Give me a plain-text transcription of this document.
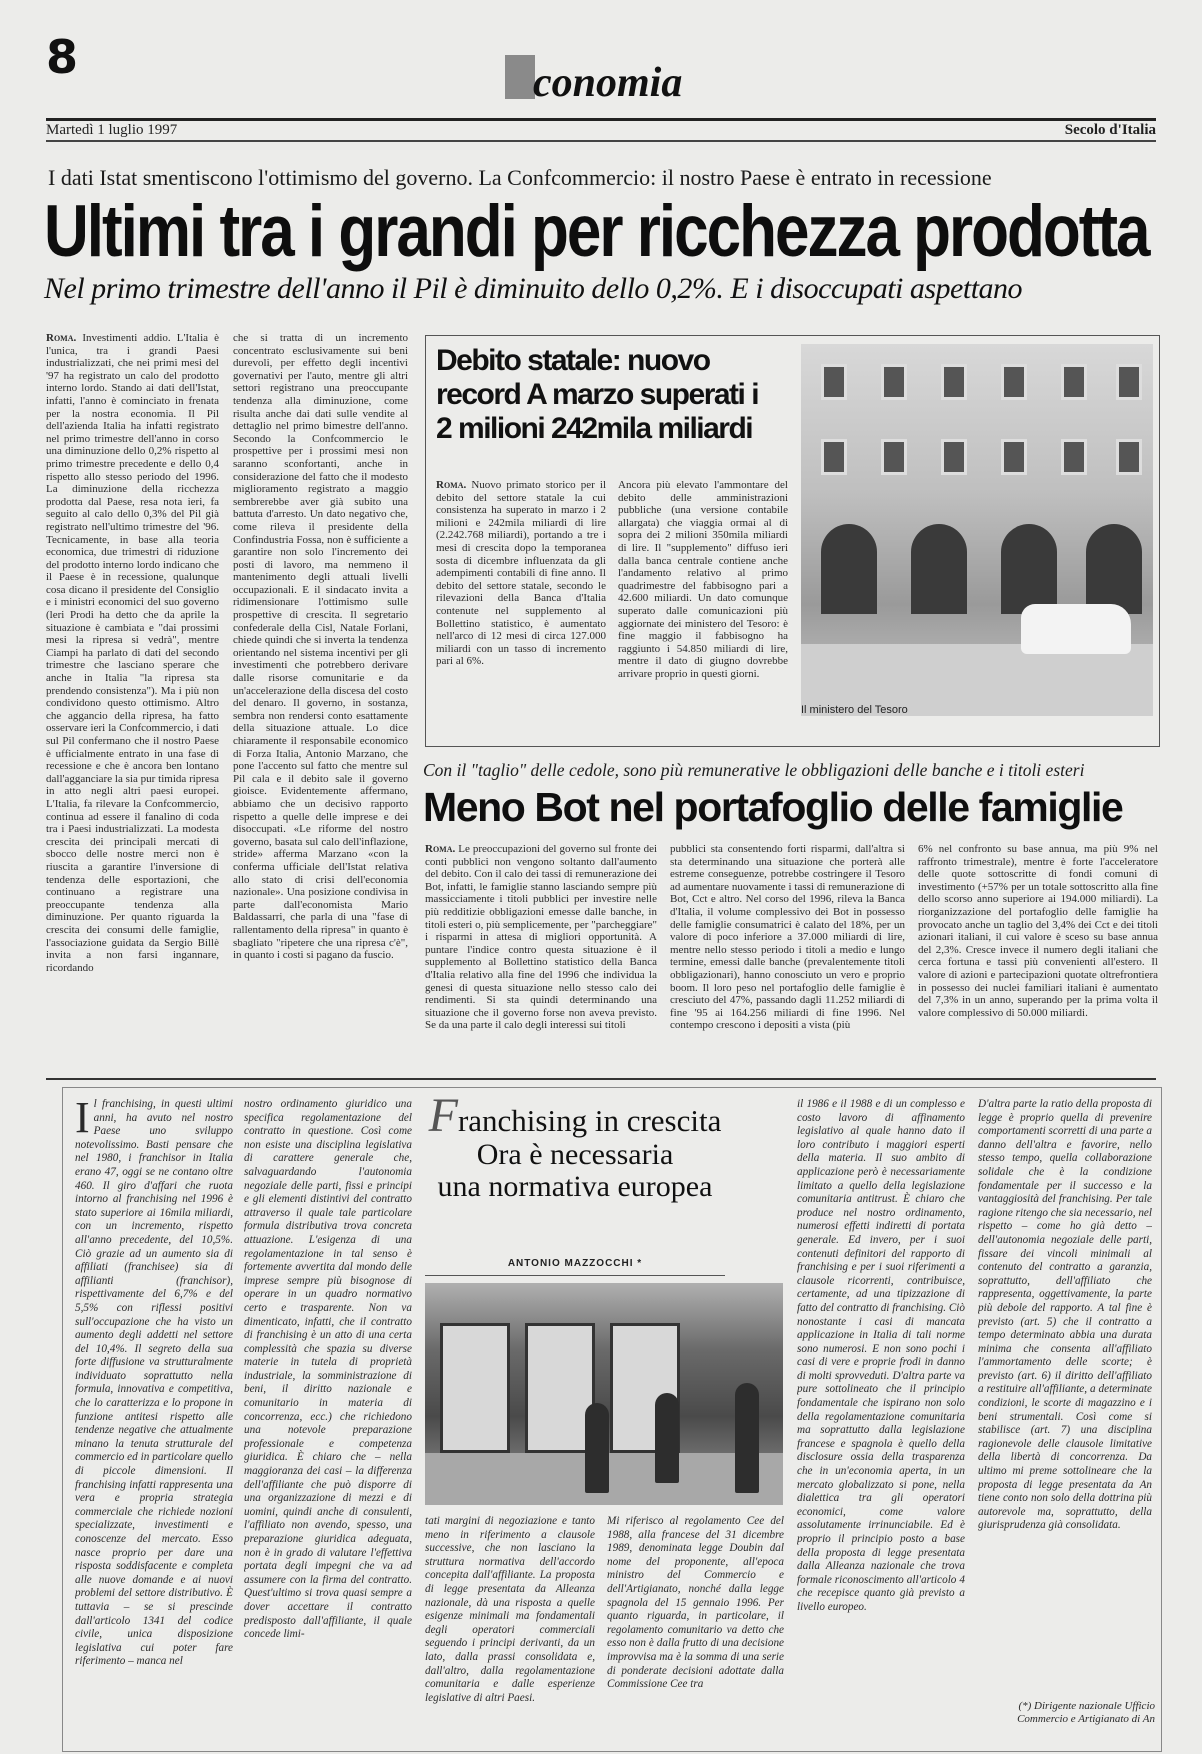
8	conomia
Martedì 1 luglio 1997	Secolo d'Italia
I dati Istat smentiscono l'ottimismo del governo. La Confcommercio: il nostro Paese è entrato in recessione
Ultimi tra i grandi per ricchezza prodotta
Nel primo trimestre dell'anno il Pil è diminuito dello 0,2%. E i disoccupati aspettano

Roma. Investimenti addio. L'Italia è l'unica, tra i grandi Paesi industrializzati, che nei primi mesi del '97 ha registrato un calo del prodotto interno lordo. Stando ai dati dell'Istat, infatti, l'anno è cominciato in frenata per la nostra economia. Il Pil dell'azienda Italia ha infatti registrato nel primo trimestre dell'anno in corso una diminuzione dello 0,2% rispetto al primo trimestre precedente e dello 0,4 rispetto allo stesso periodo del 1996. La diminuzione della ricchezza prodotta dal Paese, resa nota ieri, fa seguito al calo dello 0,3% del Pil già registrato nell'ultimo trimestre del '96. Tecnicamente, in base alla teoria economica, due trimestri di riduzione del prodotto interno lordo indicano che il Paese è in recessione, qualunque cosa dicano il presidente del Consiglio e i ministri economici del suo governo (leri Prodi ha detto che da aprile la situazione è cambiata e "dai prossimi mesi la ripresa si vedrà", mentre Ciampi ha parlato di dati del secondo trimestre che lasciano sperare che anche in Italia "la ripresa sta prendendo consistenza"). Ma i più non condividono questo ottimismo. Altro che aggancio della ripresa, ha fatto osservare ieri la Confcommercio, i dati sul Pil confermano che il nostro Paese è ufficialmente entrato in una fase di recessione e che è ancora ben lontano dall'agganciare la sia pur timida ripresa in atto negli altri paesi europei. L'Italia, fa rilevare la Confcommercio, continua ad essere il fanalino di coda tra i Paesi industrializzati. La modesta crescita dei principali mercati di sbocco delle nostre merci non è riuscita a garantire l'inversione di tendenza delle esportazioni, che continuano a registrare una preoccupante tendenza alla diminuzione. Per quanto riguarda la crescita dei consumi delle famiglie, l'associazione guidata da Sergio Billè invita a non farsi ingannare, ricordando

che si tratta di un incremento concentrato esclusivamente sui beni durevoli, per effetto degli incentivi governativi per l'auto, mentre gli altri settori registrano una preoccupante tendenza alla diminuzione, come risulta anche dai dati sulle vendite al dettaglio nel primo bimestre dell'anno. Secondo la Confcommercio le prospettive per i prossimi mesi non saranno sconfortanti, anche in considerazione del fatto che il modesto miglioramento registrato a maggio sembrerebbe aver già subito una battuta d'arresto. Un dato negativo che, come rileva il presidente della Confindustria Fossa, non è sufficiente a garantire non solo l'incremento dei posti di lavoro, ma nemmeno il mantenimento degli attuali livelli occupazionali. E il sindacato invita a ridimensionare l'ottimismo sulle prospettive di crescita. Il segretario confederale della Cisl, Natale Forlani, chiede quindi che si inverta la tendenza orientando nel sistema incentivi per gli investimenti che potrebbero derivare dalle risorse comunitarie e da un'accelerazione della discesa del costo del denaro. Il governo, in sostanza, sembra non rendersi conto esattamente della situazione attuale. Lo dice chiaramente il responsabile economico di Forza Italia, Antonio Marzano, che pone l'accento sul fatto che mentre sul Pil cala e il debito sale il governo gioisce. Evidentemente affermano, abbiamo che un decisivo rapporto rispetto a quelle delle imprese e dei disoccupati. «Le riforme del nostro governo, basata sul calo dell'inflazione, stride» afferma Marzano «con la conferma ufficiale dell'Istat relativa allo stato di crisi dell'economia nazionale». Una posizione condivisa in parte dall'economista Mario Baldassarri, che parla di una "fase di rallentamento della ripresa" in quanto è sbagliato "ripetere che una ripresa c'è", in quanto i costi si pagano da fuscio.

Debito statale: nuovo record A marzo superati i 2 milioni 242mila miliardi

Roma. Nuovo primato storico per il debito del settore statale la cui consistenza ha superato in marzo i 2 milioni e 242mila miliardi di lire (2.242.768 miliardi), portando a tre i mesi di crescita dopo la temporanea sosta di dicembre influenzata da gli adempimenti contabili di fine anno. Il debito del settore statale, secondo le rilevazioni della Banca d'Italia contenute nel supplemento al Bollettino statistico, è aumentato nell'arco di 12 mesi di circa 127.000 miliardi con un tasso di incremento pari al 6%.

Ancora più elevato l'ammontare del debito delle amministrazioni pubbliche (una versione contabile allargata) che viaggia ormai al di sopra dei 2 milioni 350mila miliardi di lire. Il "supplemento" diffuso ieri dalla banca centrale contiene anche l'andamento relativo al primo quadrimestre del fabbisogno pari a 42.600 miliardi. Un dato comunque superato dalle comunicazioni più aggiornate dei ministero del Tesoro: è fine maggio il fabbisogno ha raggiunto i 54.850 miliardi di lire, mentre il dato di giugno dovrebbe arrivare proprio in questi giorni.

Il ministero del Tesoro
Con il "taglio" delle cedole, sono più remunerative le obbligazioni delle banche e i titoli esteri
Meno Bot nel portafoglio delle famiglie

Roma. Le preoccupazioni del governo sul fronte dei conti pubblici non vengono soltanto dall'aumento del debito. Con il calo dei tassi di remunerazione dei Bot, infatti, le famiglie stanno lasciando sempre più massicciamente i titoli pubblici per investire nelle più redditizie obbligazioni emesse dalle banche, in titoli esteri o, più semplicemente, per "parcheggiare" i risparmi in attesa di migliori opportunità. A puntare l'indice contro questa situazione è il supplemento al Bollettino statistico della Banca d'Italia relativo alla fine del 1996 che individua la genesi di questa situazione nello stesso calo dei rendimenti. Si sta quindi determinando una situazione che il governo forse non aveva previsto. Se da una parte il calo degli interessi sui titoli

pubblici sta consentendo forti risparmi, dall'altra si sta determinando una situazione che porterà alle estreme conseguenze, potrebbe costringere il Tesoro ad aumentare nuovamente i tassi di remunerazione di Bot, Cct e altro. Nel corso del 1996, rileva la Banca d'Italia, il volume complessivo dei Bot in possesso delle famiglie consumatrici è calato del 18%, per un valore di poco inferiore a 37.000 miliardi di lire, mentre nello stesso periodo i titoli a medio e lungo termine, emessi dalle banche (prevalentemente titoli obbligazionari), hanno conosciuto un vero e proprio boom. Il loro peso nel portafoglio delle famiglie è cresciuto del 47%, passando dagli 11.252 miliardi di fine '95 ai 164.256 miliardi di fine 1996. Nel contempo crescono i depositi a vista (più

6% nel confronto su base annua, ma più 9% nel raffronto trimestrale), mentre è forte l'acceleratore delle quote sottoscritte di fondi comuni di investimento (+57% per un totale sottoscritto alla fine dello scorso anno superiore ai 194.000 miliardi). La riorganizzazione del portafoglio delle famiglie ha provocato anche un taglio del 3,4% dei Cct e dei titoli azionari italiani, il cui valore è sceso su base annua del 2,3%. Cresce invece il numero degli italiani che cerca fortuna e tassi più convenienti all'estero. Il valore di azioni e partecipazioni quotate oltrefrontiera in possesso dei nuclei familiari italiani è aumentato del 7,3% in un anno, superando per la prima volta il valore complessivo di 50.000 miliardi.

Il franchising, in questi ultimi anni, ha avuto nel nostro Paese uno sviluppo notevolissimo. Basti pensare che nel 1980, i franchisor in Italia erano 47, oggi se ne contano oltre 460. Il giro d'affari che ruota intorno al franchising nel 1996 è stato superiore ai 16mila miliardi, con un incremento, rispetto all'anno precedente, del 10,5%. Ciò grazie ad un aumento sia di affiliati (franchisee) sia di affilianti (franchisor), rispettivamente del 6,7% e del 5,5% con riflessi positivi sull'occupazione che ha visto un aumento degli addetti nel settore del 10,4%. Il segreto della sua forte diffusione va strutturalmente individuato soprattutto nella formula, innovativa e competitiva, che lo caratterizza e lo propone in funzione antitesi rispetto alle tendenze negative che attualmente minano la tenuta strutturale del commercio ed in particolare quello di piccole dimensioni. Il franchising infatti rappresenta una vera e propria strategia commerciale che richiede nozioni specializzate, investimenti e conoscenze del mercato. Esso nasce proprio per dare una risposta soddisfacente e completa alle nuove domande e ai nuovi problemi del settore distributivo. È tuttavia – se si prescinde dall'articolo 1341 del codice civile, unica disposizione legislativa cui poter fare riferimento – manca nel

nostro ordinamento giuridico una specifica regolamentazione del contratto in questione. Così come non esiste una disciplina legislativa di carattere generale che, salvaguardando l'autonomia negoziale delle parti, fissi e principi e gli elementi distintivi del contratto attraverso il quale tale particolare formula distributiva trova concreta attuazione. L'esigenza di una regolamentazione in tal senso è fortemente avvertita dal mondo delle imprese sempre più bisognose di operare in un quadro normativo certo e trasparente. Non va dimenticato, infatti, che il contratto di franchising è un atto di una certa complessità che spazia su diverse materie in tutela di proprietà industriale, la somministrazione di beni, il diritto nazionale e comunitario in materia di concorrenza, ecc.) che richiedono una notevole preparazione professionale e competenza giuridica. È chiaro che – nella maggioranza dei casi – la differenza dell'affiliante che può disporre di una organizzazione di mezzi e di uomini, quindi anche di consulenti, l'affiliato non avendo, spesso, una preparazione giuridica adeguata, non è in grado di valutare l'effettiva portata degli impegni che va ad assumere con la firma del contratto. Quest'ultimo si trova quasi sempre a dover accettare il contratto predisposto dall'affiliante, il quale concede limi-

Franchising in crescita
Ora è necessaria
una normativa europea
ANTONIO MAZZOCCHI *

tati margini di negoziazione e tanto meno in riferimento a clausole successive, che non lasciano la struttura normativa dell'accordo concepita dall'affiliante. La proposta di legge presentata da Alleanza nazionale, dà una risposta a quelle esigenze minimali ma fondamentali degli operatori commerciali seguendo i principi derivanti, da un lato, dalla prassi consolidata e, dall'altro, dalla regolamentazione comunitaria e dalle esperienze legislative di altri Paesi.

Mi riferisco al regolamento Cee del 1988, alla francese del 31 dicembre 1989, denominata legge Doubin dal nome del proponente, all'epoca ministro del Commercio e dell'Artigianato, nonché dalla legge spagnola del 15 gennaio 1996. Per quanto riguarda, in particolare, il regolamento comunitario va detto che esso non è dalla frutto di una decisione improvvisa ma è la somma di una serie di ponderate decisioni adottate dalla Commissione Cee tra

il 1986 e il 1988 e di un complesso e costo lavoro di affinamento legislativo al quale hanno dato il loro contributo i maggiori esperti della materia. Il suo ambito di applicazione però è necessariamente limitato a quello della legislazione comunitaria antitrust. È chiaro che produce nel nostro ordinamento, numerosi effetti indiretti di portata generale. Ed invero, per i suoi contenuti definitori del rapporto di franchising e per i suoi riferimenti a clausole ricorrenti, contribuisce, certamente, ad una tipizzazione di fatto del contratto di franchising. Ciò nonostante i casi di mancata applicazione in Italia di tali norme sono numerosi. E non sono pochi i casi di vere e proprie frodi in danno di molti sprovveduti. D'altra parte va pure sottolineato che il principio fondamentale che ispirano non solo della regolamentazione comunitaria ma soprattutto dalla legislazione francese e spagnola è quello della disclosure ossia della trasparenza che in un'economia aperta, in un mercato globalizzato si pone, nella dialettica tra gli operatori economici, come valore assolutamente irrinunciabile. Ed è proprio il principio posto a base della proposta di legge presentata dalla Alleanza nazionale che trova formale riconoscimento all'articolo 4 che recepisce quanto già previsto a livello europeo.

D'altra parte la ratio della proposta di legge è proprio quella di prevenire comportamenti scorretti di una parte a danno dell'altra e favorire, nello stesso tempo, quella collaborazione solidale che è la condizione fondamentale per il successo e la vantaggiosità del franchising. Per tale ragione ritengo che sia necessario, nel rispetto – come ho già detto – dell'autonomia negoziale delle parti, fissare dei vincoli minimali al contenuto del contratto a garanzia, soprattutto, dell'affiliato che rappresenta, oggettivamente, la parte più debole del rapporto. A tal fine è previsto (art. 5) che il contratto a tempo determinato abbia una durata minima che consenta all'affiliato l'ammortamento delle scorte; è previsto (art. 6) il diritto dell'affiliato a restituire all'affiliante, a determinate condizioni, le scorte di magazzino e i beni strumentali. Così come si stabilisce (art. 7) una disciplina ragionevole delle clausole limitative della libertà di concorrenza. Da ultimo mi preme sottolineare che la proposta di legge presentata da An tiene conto non solo della dottrina più autorevole ma, soprattutto, della giurisprudenza già consolidata.

(*) Dirigente nazionale Ufficio Commercio e Artigianato di An
